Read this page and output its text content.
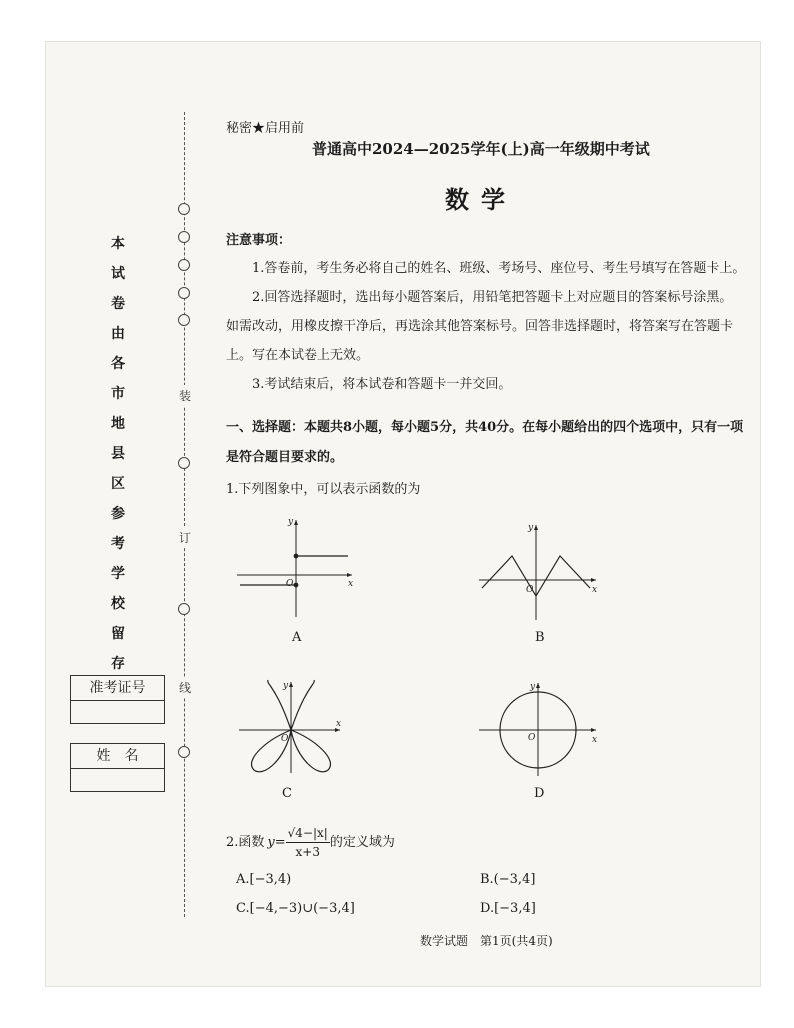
装
订
线
本
试
卷
由
各
市
地
县
区
参
考
学
校
留
存
准考证号
姓　名
秘密★启用前
普通高中2024—2025学年(上)高一年级期中考试
数学
注意事项：
1.答卷前，考生务必将自己的姓名、班级、考场号、座位号、考生号填写在答题卡上。
2.回答选择题时，选出每小题答案后，用铅笔把答题卡上对应题目的答案标号涂黑。
如需改动，用橡皮擦干净后，再选涂其他答案标号。回答非选择题时，将答案写在答题卡
上。写在本试卷上无效。
3.考试结束后，将本试卷和答题卡一并交回。
一、选择题：本题共8小题，每小题5分，共40分。在每小题给出的四个选项中，只有一项
是符合题目要求的。
1.下列图象中，可以表示函数的为
x
y
O
A
x
y
O
B
x
y
O
C
x
y
O
D
2.函数 $y= \frac{√4-|x|}{x+3}$ 的定义域为
A.[−3,4)	B.(−3,4]
C.[−4,−3)∪(−3,4]	D.[−3,4]
数学试题　第1页(共4页)
